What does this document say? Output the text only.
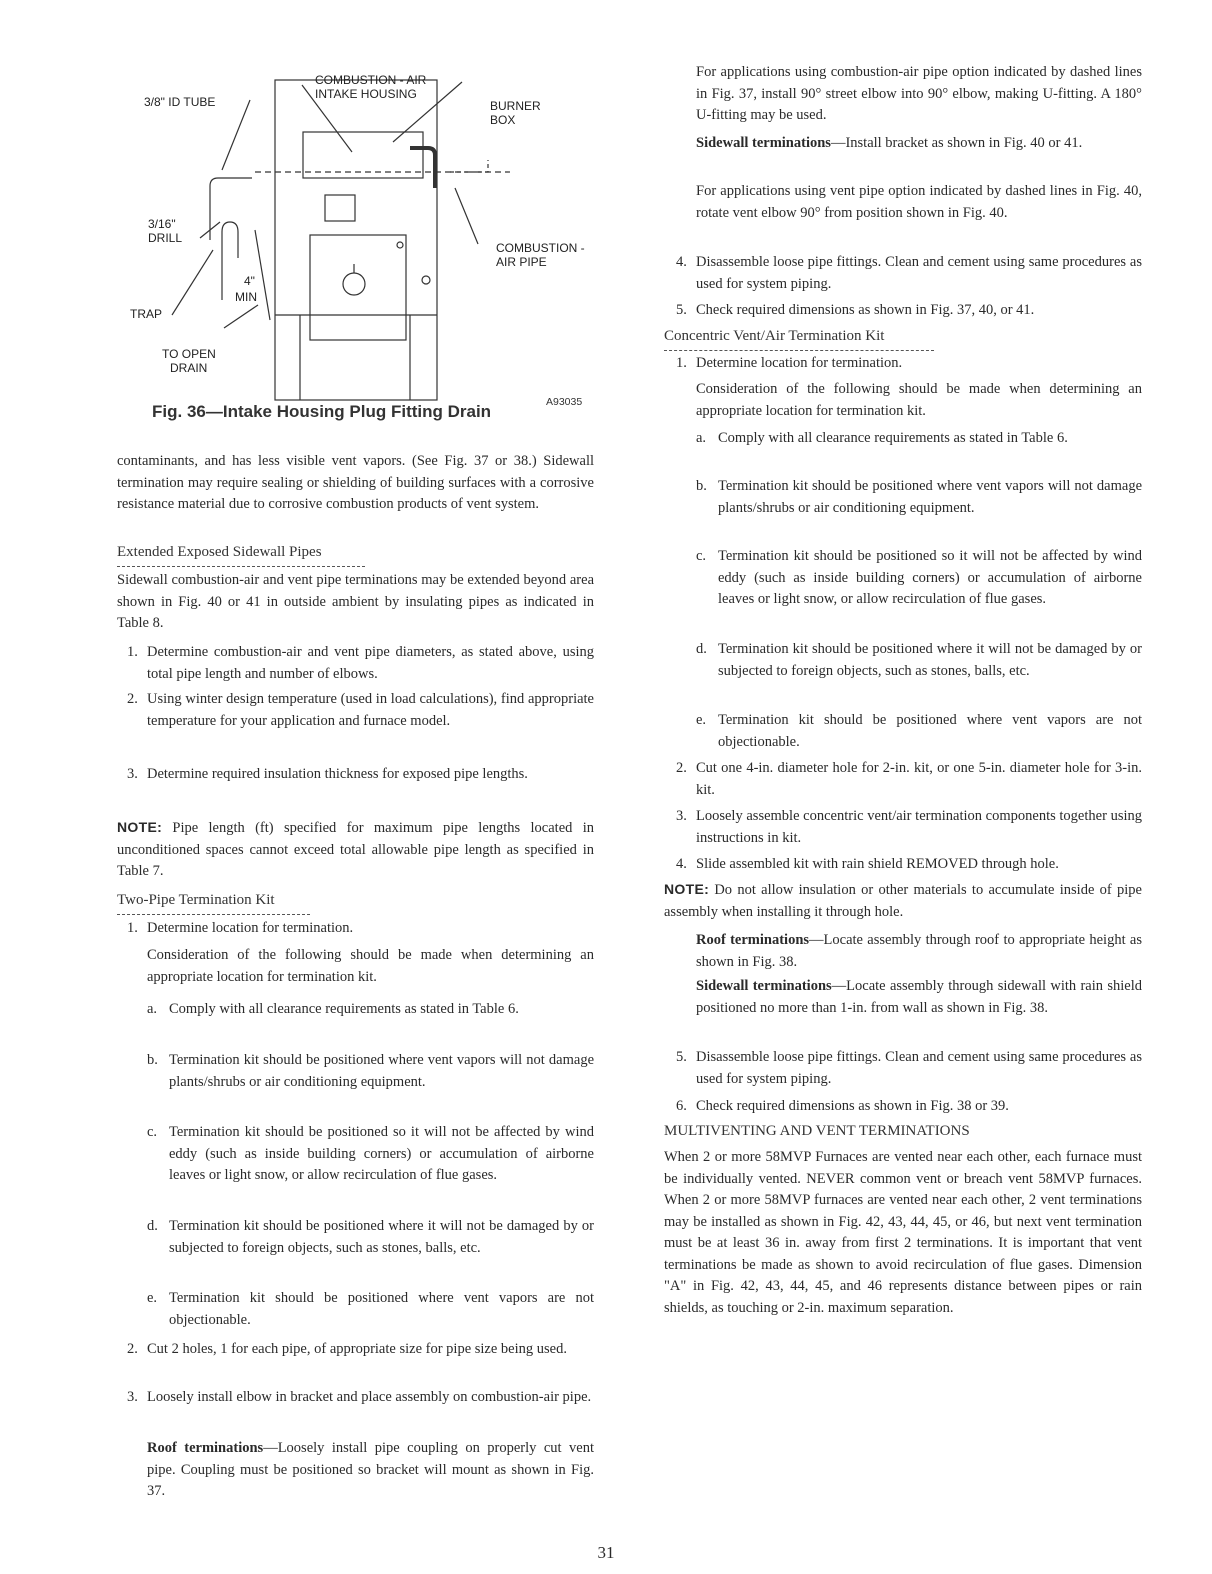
COMBUSTION - AIR INTAKE HOUSING
3/8" ID TUBE	BURNER BOX
3/16" DRILL
COMBUSTION -AIR PIPE
4" MIN
TRAP
TO OPEN DRAIN
Fig. 36—Intake Housing Plug Fitting Drain	A93035

contaminants, and has less visible vent vapors. (See Fig. 37 or 38.) Sidewall termination may require sealing or shielding of building surfaces with a corrosive resistance material due to corrosive combustion products of vent system.

Extended Exposed Sidewall Pipes

Sidewall combustion-air and vent pipe terminations may be extended beyond area shown in Fig. 40 or 41 in outside ambient by insulating pipes as indicated in Table 8.

1. Determine combustion-air and vent pipe diameters, as stated above, using total pipe length and number of elbows.

2. Using winter design temperature (used in load calculations), find appropriate temperature for your application and furnace model.

3. Determine required insulation thickness for exposed pipe lengths.

NOTE: Pipe length (ft) specified for maximum pipe lengths located in unconditioned spaces cannot exceed total allowable pipe length as specified in Table 7.

Two-Pipe Termination Kit
1. Determine location for termination.

Consideration of the following should be made when determining an appropriate location for termination kit.

a. Comply with all clearance requirements as stated in Table 6.

b. Termination kit should be positioned where vent vapors will not damage plants/shrubs or air conditioning equipment.

c. Termination kit should be positioned so it will not be affected by wind eddy (such as inside building corners) or accumulation of airborne leaves or light snow, or allow recirculation of flue gases.

d. Termination kit should be positioned where it will not be damaged by or subjected to foreign objects, such as stones, balls, etc.

e. Termination kit should be positioned where vent vapors are not objectionable.

2. Cut 2 holes, 1 for each pipe, of appropriate size for pipe size being used.

3. Loosely install elbow in bracket and place assembly on combustion-air pipe.

Roof terminations—Loosely install pipe coupling on properly cut vent pipe. Coupling must be positioned so bracket will mount as shown in Fig. 37.

For applications using combustion-air pipe option indicated by dashed lines in Fig. 37, install 90° street elbow into 90° elbow, making U-fitting. A 180° U-fitting may be used.

Sidewall terminations—Install bracket as shown in Fig. 40 or 41.

For applications using vent pipe option indicated by dashed lines in Fig. 40, rotate vent elbow 90° from position shown in Fig. 40.

4. Disassemble loose pipe fittings. Clean and cement using same procedures as used for system piping.

5. Check required dimensions as shown in Fig. 37, 40, or 41.

Concentric Vent/Air Termination Kit
1. Determine location for termination.

Consideration of the following should be made when determining an appropriate location for termination kit.

a. Comply with all clearance requirements as stated in Table 6.

b. Termination kit should be positioned where vent vapors will not damage plants/shrubs or air conditioning equipment.

c. Termination kit should be positioned so it will not be affected by wind eddy (such as inside building corners) or accumulation of airborne leaves or light snow, or allow recirculation of flue gases.

d. Termination kit should be positioned where it will not be damaged by or subjected to foreign objects, such as stones, balls, etc.

e. Termination kit should be positioned where vent vapors are not objectionable.

2. Cut one 4-in. diameter hole for 2-in. kit, or one 5-in. diameter hole for 3-in. kit.

3. Loosely assemble concentric vent/air termination components together using instructions in kit.

4. Slide assembled kit with rain shield REMOVED through hole.

NOTE: Do not allow insulation or other materials to accumulate inside of pipe assembly when installing it through hole.

Roof terminations—Locate assembly through roof to appropriate height as shown in Fig. 38.

Sidewall terminations—Locate assembly through sidewall with rain shield positioned no more than 1-in. from wall as shown in Fig. 38.

5. Disassemble loose pipe fittings. Clean and cement using same procedures as used for system piping.

6. Check required dimensions as shown in Fig. 38 or 39.

MULTIVENTING AND VENT TERMINATIONS

When 2 or more 58MVP Furnaces are vented near each other, each furnace must be individually vented. NEVER common vent or breach vent 58MVP furnaces. When 2 or more 58MVP furnaces are vented near each other, 2 vent terminations may be installed as shown in Fig. 42, 43, 44, 45, or 46, but next vent termination must be at least 36 in. away from first 2 terminations. It is important that vent terminations be made as shown to avoid recirculation of flue gases. Dimension "A" in Fig. 42, 43, 44, 45, and 46 represents distance between pipes or rain shields, as touching or 2-in. maximum separation.

31
